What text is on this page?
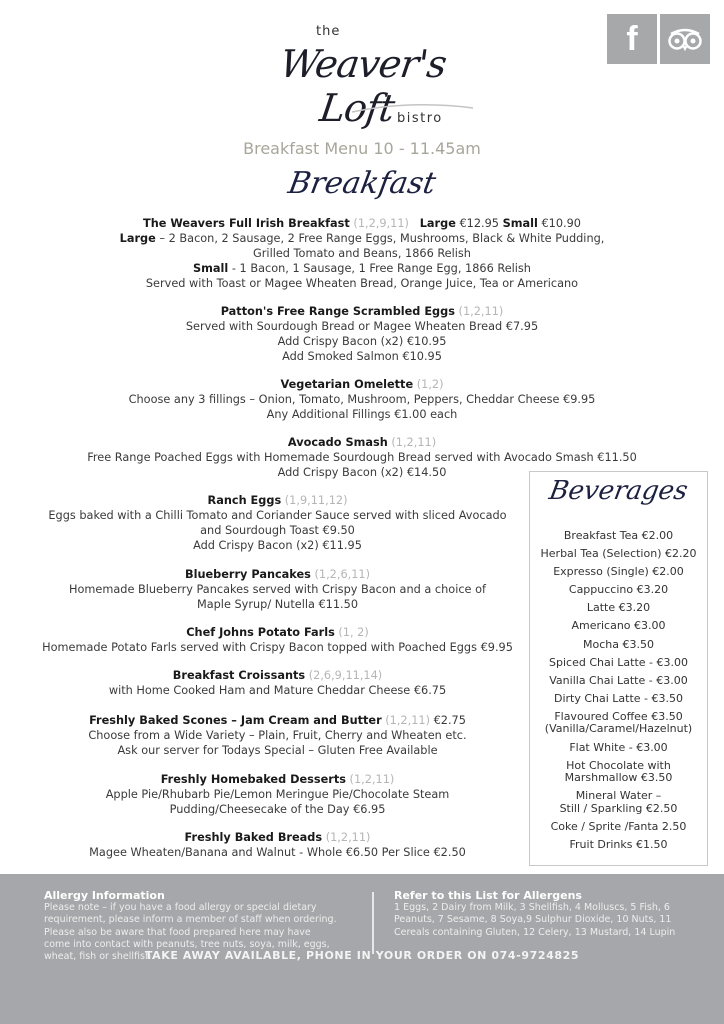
f
the
Weaver's Loft bistro
Breakfast Menu 10 - 11.45am
Breakfast
The Weavers Full Irish Breakfast (1,2,9,11) Large €12.95 Small €10.90
Large – 2 Bacon, 2 Sausage, 2 Free Range Eggs, Mushrooms, Black & White Pudding,
Grilled Tomato and Beans, 1866 Relish
Small - 1 Bacon, 1 Sausage, 1 Free Range Egg, 1866 Relish
Served with Toast or Magee Wheaten Bread, Orange Juice, Tea or Americano
Patton's Free Range Scrambled Eggs (1,2,11)
Served with Sourdough Bread or Magee Wheaten Bread €7.95
Add Crispy Bacon (x2) €10.95
Add Smoked Salmon €10.95
Vegetarian Omelette (1,2)
Choose any 3 fillings – Onion, Tomato, Mushroom, Peppers, Cheddar Cheese €9.95
Any Additional Fillings €1.00 each
Avocado Smash (1,2,11)
Free Range Poached Eggs with Homemade Sourdough Bread served with Avocado Smash €11.50
Add Crispy Bacon (x2) €14.50
Ranch Eggs (1,9,11,12)
Eggs baked with a Chilli Tomato and Coriander Sauce served with sliced Avocado
and Sourdough Toast €9.50
Add Crispy Bacon (x2) €11.95
Blueberry Pancakes (1,2,6,11)
Homemade Blueberry Pancakes served with Crispy Bacon and a choice of
Maple Syrup/ Nutella €11.50
Chef Johns Potato Farls (1, 2)
Homemade Potato Farls served with Crispy Bacon topped with Poached Eggs €9.95
Breakfast Croissants (2,6,9,11,14)
with Home Cooked Ham and Mature Cheddar Cheese €6.75
Freshly Baked Scones – Jam Cream and Butter (1,2,11) €2.75
Choose from a Wide Variety – Plain, Fruit, Cherry and Wheaten etc.
Ask our server for Todays Special – Gluten Free Available
Freshly Homebaked Desserts (1,2,11)
Apple Pie/Rhubarb Pie/Lemon Meringue Pie/Chocolate Steam
Pudding/Cheesecake of the Day €6.95
Freshly Baked Breads (1,2,11)
Magee Wheaten/Banana and Walnut - Whole €6.50 Per Slice €2.50
Beverages
Breakfast Tea €2.00
Herbal Tea (Selection) €2.20
Expresso (Single) €2.00
Cappuccino €3.20
Latte €3.20
Americano €3.00
Mocha €3.50
Spiced Chai Latte - €3.00
Vanilla Chai Latte - €3.00
Dirty Chai Latte - €3.50
Flavoured Coffee €3.50
(Vanilla/Caramel/Hazelnut)
Flat White - €3.00
Hot Chocolate with
Marshmallow €3.50
Mineral Water –
Still / Sparkling €2.50
Coke / Sprite /Fanta 2.50
Fruit Drinks €1.50
Allergy Information
Please note – if you have a food allergy or special dietary
requirement, please inform a member of staff when ordering.
Please also be aware that food prepared here may have
come into contact with peanuts, tree nuts, soya, milk, eggs,
wheat, fish or shellfish.
Refer to this List for Allergens
1 Eggs, 2 Dairy from Milk, 3 Shellfish, 4 Molluscs, 5 Fish, 6
Peanuts, 7 Sesame, 8 Soya,9 Sulphur Dioxide, 10 Nuts, 11
Cereals containing Gluten, 12 Celery, 13 Mustard, 14 Lupin
TAKE AWAY AVAILABLE, PHONE IN YOUR ORDER ON 074-9724825
